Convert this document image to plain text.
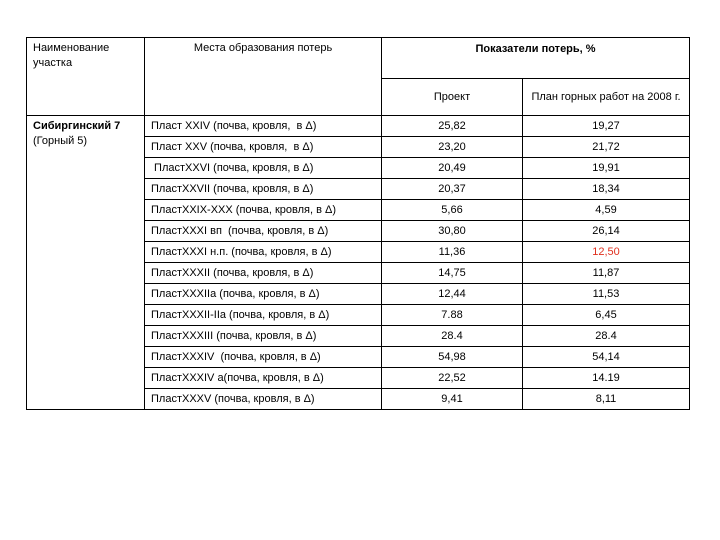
Наименование участка	Места образования потерь	Показатели потерь, %	
		Проект	План горных работ на 2008 г.

Сибиргинский 7
(Горный 5)	Пласт XXIV (почва, кровля,  в Δ)	25,82	19,27
	Пласт XXV (почва, кровля,  в Δ)	23,20	21,72
	ПластXXVI (почва, кровля, в Δ)	20,49	19,91
	ПластXXVII (почва, кровля, в Δ)	20,37	18,34
	ПластXXIX-XXX (почва, кровля, в Δ)	5,66	4,59
	ПластXXXI вп  (почва, кровля, в Δ)	30,80	26,14
	ПластXXXI н.п. (почва, кровля, в Δ)	11,36	12,50
	ПластXXXII (почва, кровля, в Δ)	14,75	11,87
	ПластXXXIIа (почва, кровля, в Δ)	12,44	11,53
	ПластXXXII-IIа (почва, кровля, в Δ)	7.88	6,45
	ПластXXXIII (почва, кровля, в Δ)	28.4	28.4
	ПластXXXIV  (почва, кровля, в Δ)	54,98	54,14
	ПластXXXIV а(почва, кровля, в Δ)	22,52	14.19
	ПластXXXV (почва, кровля, в Δ)	9,41	8,11
